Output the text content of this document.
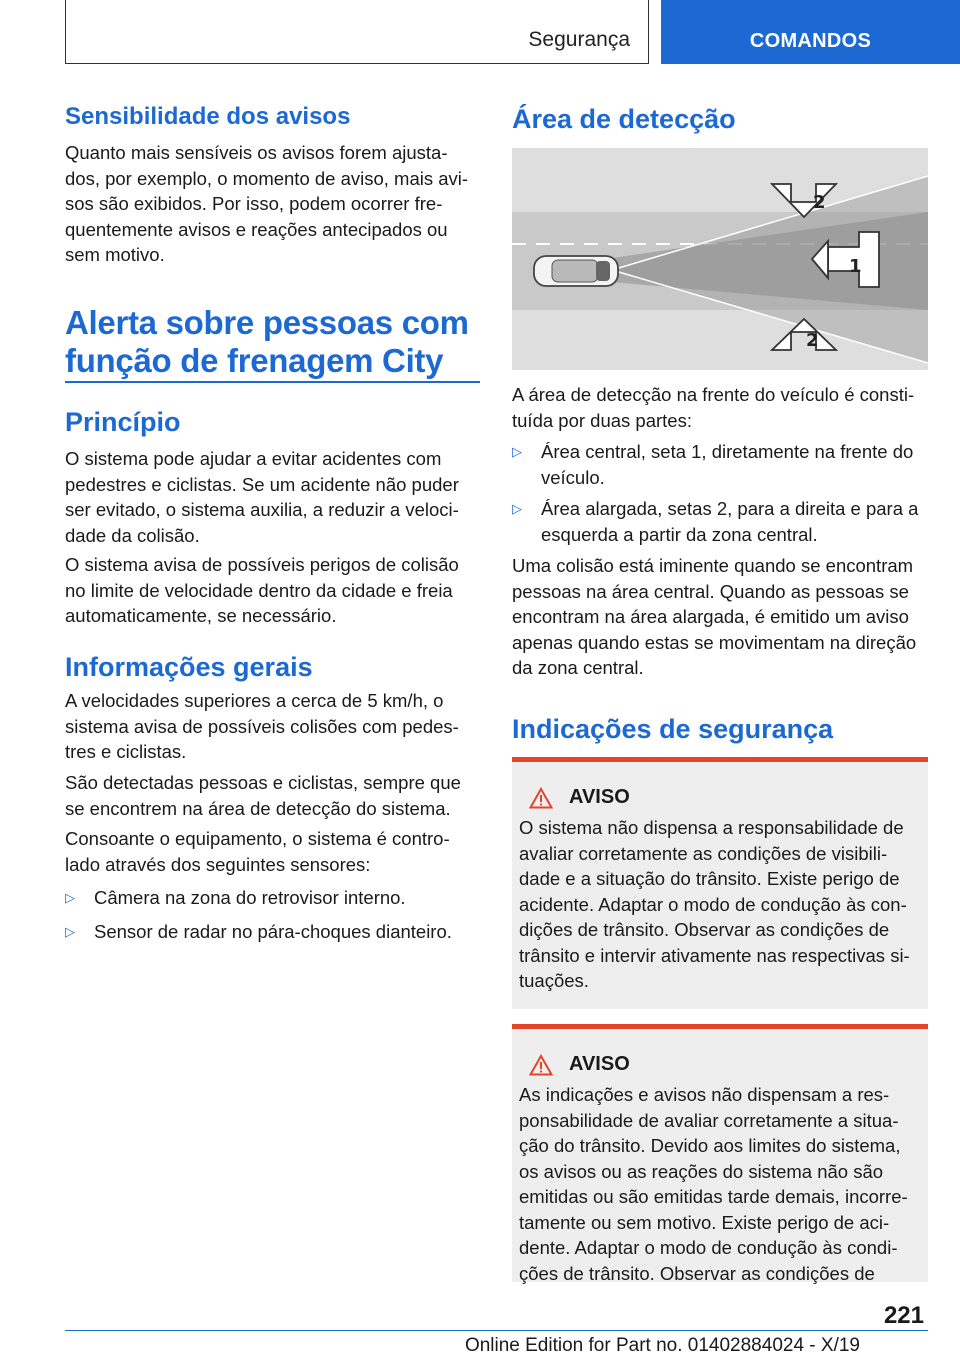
Segurança	COMANDOS
Sensibilidade dos avisos

Quanto mais sensíveis os avisos forem ajusta-dos, por exemplo, o momento de aviso, mais avi-sos são exibidos. Por isso, podem ocorrer fre-quentemente avisos e reações antecipados ou sem motivo.

Alerta sobre pessoas com
função de frenagem City
Princípio

O sistema pode ajudar a evitar acidentes com pedestres e ciclistas. Se um acidente não puder ser evitado, o sistema auxilia, a reduzir a veloci-dade da colisão.

O sistema avisa de possíveis perigos de colisão no limite de velocidade dentro da cidade e freia automaticamente, se necessário.

Informações gerais

A velocidades superiores a cerca de 5 km/h, o sistema avisa de possíveis colisões com pedes-tres e ciclistas.

São detectadas pessoas e ciclistas, sempre que se encontrem na área de detecção do sistema.

Consoante o equipamento, o sistema é contro-lado através dos seguintes sensores:

▷	Câmera na zona do retrovisor interno.
▷	Sensor de radar no pára-choques dianteiro.
Área de detecção
2
1
2

A área de detecção na frente do veículo é consti-tuída por duas partes:

▷	Área central, seta 1, diretamente na frente do veículo.
▷	Área alargada, setas 2, para a direita e para a esquerda a partir da zona central.

Uma colisão está iminente quando se encontram pessoas na área central. Quando as pessoas se encontram na área alargada, é emitido um aviso apenas quando estas se movimentam na direção da zona central.

Indicações de segurança
AVISO
O sistema não dispensa a responsabilidade de avaliar corretamente as condições de visibili-dade e a situação do trânsito. Existe perigo de acidente. Adaptar o modo de condução às con-dições de trânsito. Observar as condições de trânsito e intervir ativamente nas respectivas si-tuações.
AVISO
As indicações e avisos não dispensam a res-ponsabilidade de avaliar corretamente a situa-ção do trânsito. Devido aos limites do sistema, os avisos ou as reações do sistema não são emitidas ou são emitidas tarde demais, incorre-tamente ou sem motivo. Existe perigo de aci-dente. Adaptar o modo de condução às condi-ções de trânsito. Observar as condições de
221
Online Edition for Part no. 01402884024 - X/19
